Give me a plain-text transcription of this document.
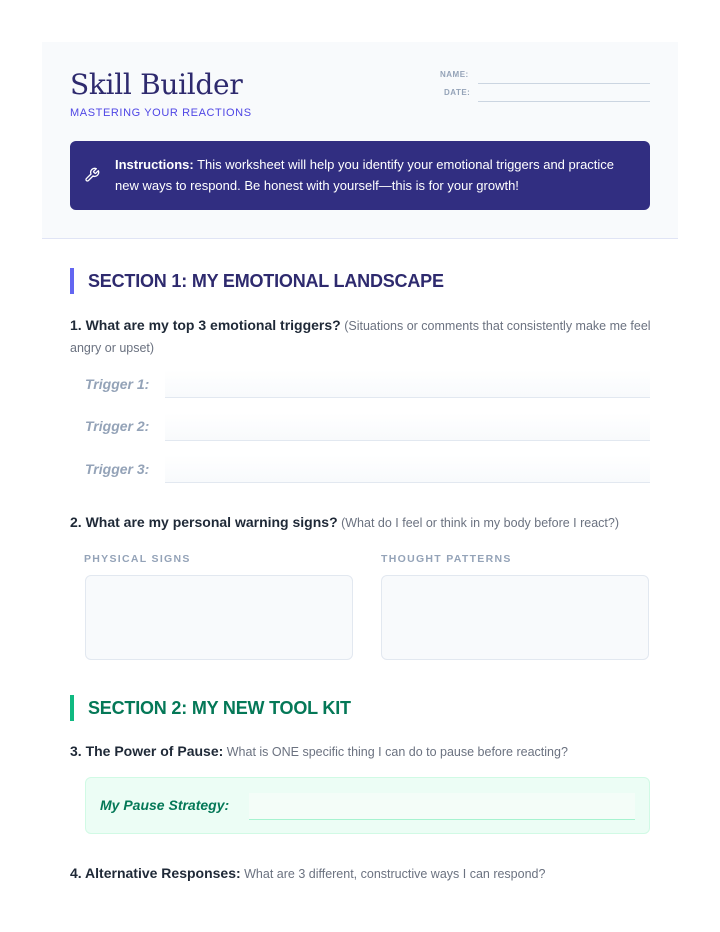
Skill Builder
MASTERING YOUR REACTIONS
NAME:
DATE:
Instructions: This worksheet will help you identify your emotional triggers and practice new ways to respond. Be honest with yourself—this is for your growth!
SECTION 1: MY EMOTIONAL LANDSCAPE
1. What are my top 3 emotional triggers? (Situations or comments that consistently make me feel angry or upset)
Trigger 1:
Trigger 2:
Trigger 3:
2. What are my personal warning signs? (What do I feel or think in my body before I react?)
PHYSICAL SIGNS	THOUGHT PATTERNS
SECTION 2: MY NEW TOOL KIT
3. The Power of Pause: What is ONE specific thing I can do to pause before reacting?
My Pause Strategy:
4. Alternative Responses: What are 3 different, constructive ways I can respond?
